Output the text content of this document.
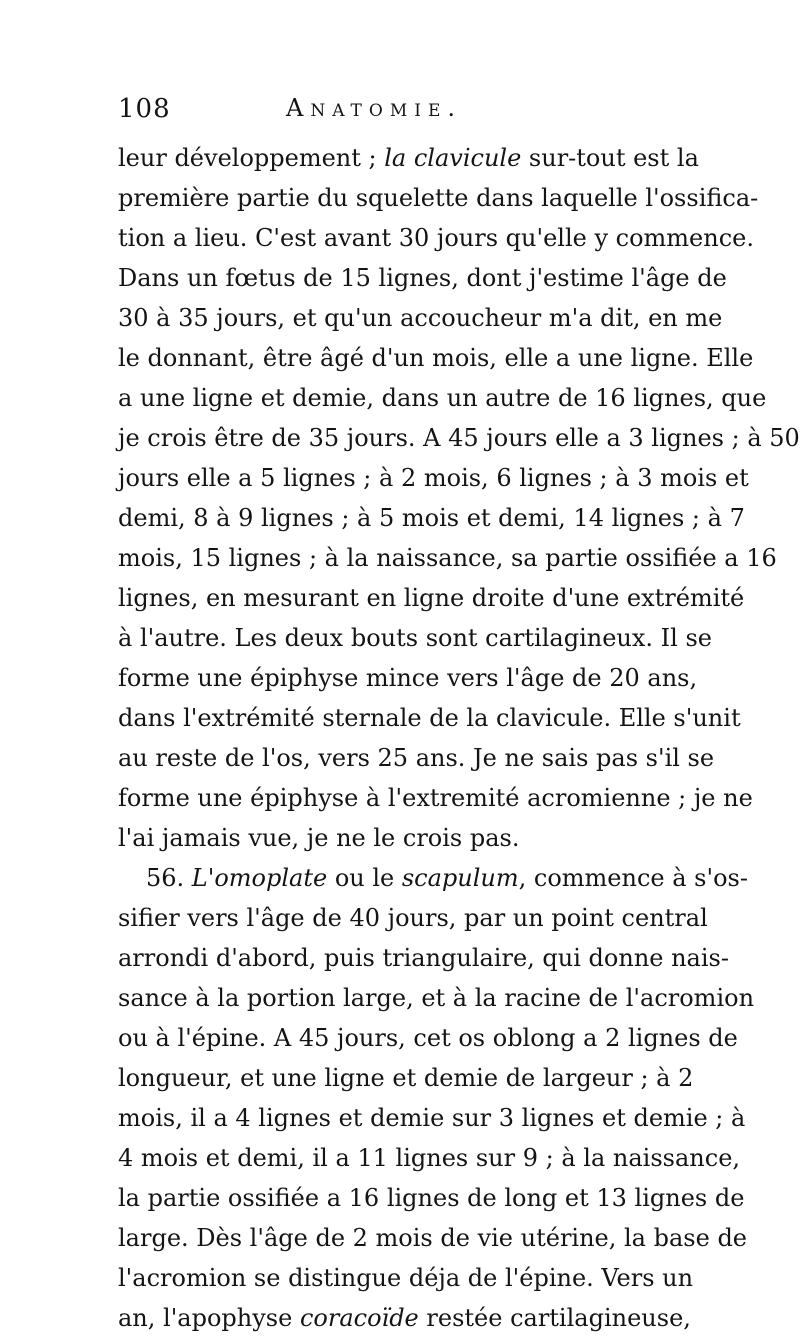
108	Anatomie.
leur développement ; la clavicule sur-tout est la
première partie du squelette dans laquelle l'ossifica-
tion a lieu. C'est avant 30 jours qu'elle y commence.
Dans un fœtus de 15 lignes, dont j'estime l'âge de
30 à 35 jours, et qu'un accoucheur m'a dit, en me
le donnant, être âgé d'un mois, elle a une ligne. Elle
a une ligne et demie, dans un autre de 16 lignes, que
je crois être de 35 jours. A 45 jours elle a 3 lignes ; à 50
jours elle a 5 lignes ; à 2 mois, 6 lignes ; à 3 mois et
demi, 8 à 9 lignes ; à 5 mois et demi, 14 lignes ; à 7
mois, 15 lignes ; à la naissance, sa partie ossifiée a 16
lignes, en mesurant en ligne droite d'une extrémité
à l'autre. Les deux bouts sont cartilagineux. Il se
forme une épiphyse mince vers l'âge de 20 ans,
dans l'extrémité sternale de la clavicule. Elle s'unit
au reste de l'os, vers 25 ans. Je ne sais pas s'il se
forme une épiphyse à l'extremité acromienne ; je ne
l'ai jamais vue, je ne le crois pas.
56. L'omoplate ou le scapulum, commence à s'os-
sifier vers l'âge de 40 jours, par un point central
arrondi d'abord, puis triangulaire, qui donne nais-
sance à la portion large, et à la racine de l'acromion
ou à l'épine. A 45 jours, cet os oblong a 2 lignes de
longueur, et une ligne et demie de largeur ; à 2
mois, il a 4 lignes et demie sur 3 lignes et demie ; à
4 mois et demi, il a 11 lignes sur 9 ; à la naissance,
la partie ossifiée a 16 lignes de long et 13 lignes de
large. Dès l'âge de 2 mois de vie utérine, la base de
l'acromion se distingue déja de l'épine. Vers un
an, l'apophyse coracoïde restée cartilagineuse,
